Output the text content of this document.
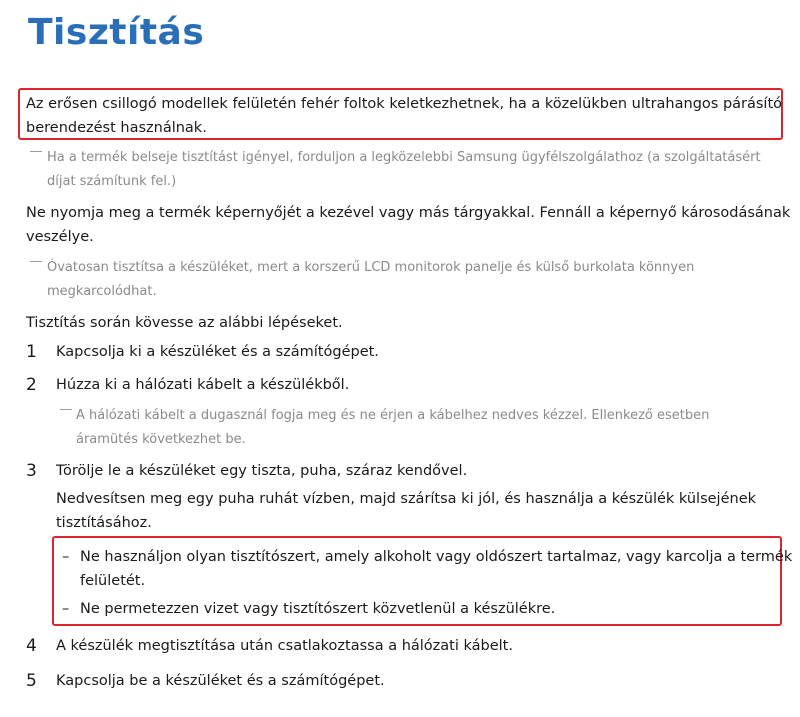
Tisztítás
Az erősen csillogó modellek felületén fehér foltok keletkezhetnek, ha a közelükben ultrahangos párásító
berendezést használnak.
Ha a termék belseje tisztítást igényel, forduljon a legközelebbi Samsung ügyfélszolgálathoz (a szolgáltatásért
díjat számítunk fel.)
Ne nyomja meg a termék képernyőjét a kezével vagy más tárgyakkal. Fennáll a képernyő károsodásának
veszélye.
Óvatosan tisztítsa a készüléket, mert a korszerű LCD monitorok panelje és külső burkolata könnyen
megkarcolódhat.
Tisztítás során kövesse az alábbi lépéseket.
1 Kapcsolja ki a készüléket és a számítógépet.
2 Húzza ki a hálózati kábelt a készülékből.
A hálózati kábelt a dugasznál fogja meg és ne érjen a kábelhez nedves kézzel. Ellenkező esetben
áramütés következhet be.
3 Törölje le a készüléket egy tiszta, puha, száraz kendővel.
Nedvesítsen meg egy puha ruhát vízben, majd szárítsa ki jól, és használja a készülék külsejének
tisztításához.
– Ne használjon olyan tisztítószert, amely alkoholt vagy oldószert tartalmaz, vagy karcolja a termék
felületét.
– Ne permetezzen vizet vagy tisztítószert közvetlenül a készülékre.
4 A készülék megtisztítása után csatlakoztassa a hálózati kábelt.
5 Kapcsolja be a készüléket és a számítógépet.
